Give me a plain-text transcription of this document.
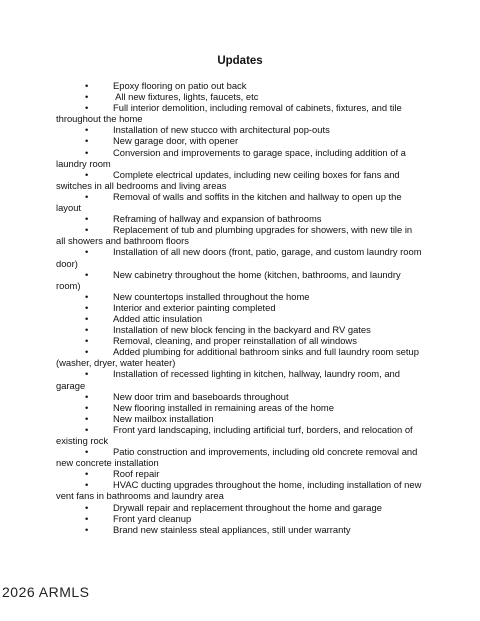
Updates
•	Epoxy flooring on patio out back
•	All new fixtures, lights, faucets, etc
•	Full interior demolition, including removal of cabinets, fixtures, and tile throughout the home
•	Installation of new stucco with architectural pop-outs
•	New garage door, with opener
•	Conversion and improvements to garage space, including addition of a laundry room
•	Complete electrical updates, including new ceiling boxes for fans and switches in all bedrooms and living areas
•	Removal of walls and soffits in the kitchen and hallway to open up the layout
•	Reframing of hallway and expansion of bathrooms
•	Replacement of tub and plumbing upgrades for showers, with new tile in all showers and bathroom floors
•	Installation of all new doors (front, patio, garage, and custom laundry room door)
•	New cabinetry throughout the home (kitchen, bathrooms, and laundry room)
•	New countertops installed throughout the home
•	Interior and exterior painting completed
•	Added attic insulation
•	Installation of new block fencing in the backyard and RV gates
•	Removal, cleaning, and proper reinstallation of all windows
•	Added plumbing for additional bathroom sinks and full laundry room setup (washer, dryer, water heater)
•	Installation of recessed lighting in kitchen, hallway, laundry room, and garage
•	New door trim and baseboards throughout
•	New flooring installed in remaining areas of the home
•	New mailbox installation
•	Front yard landscaping, including artificial turf, borders, and relocation of existing rock
•	Patio construction and improvements, including old concrete removal and new concrete installation
•	Roof repair
•	HVAC ducting upgrades throughout the home, including installation of new vent fans in bathrooms and laundry area
•	Drywall repair and replacement throughout the home and garage
•	Front yard cleanup
•	Brand new stainless steal appliances, still under warranty
2026 ARMLS
